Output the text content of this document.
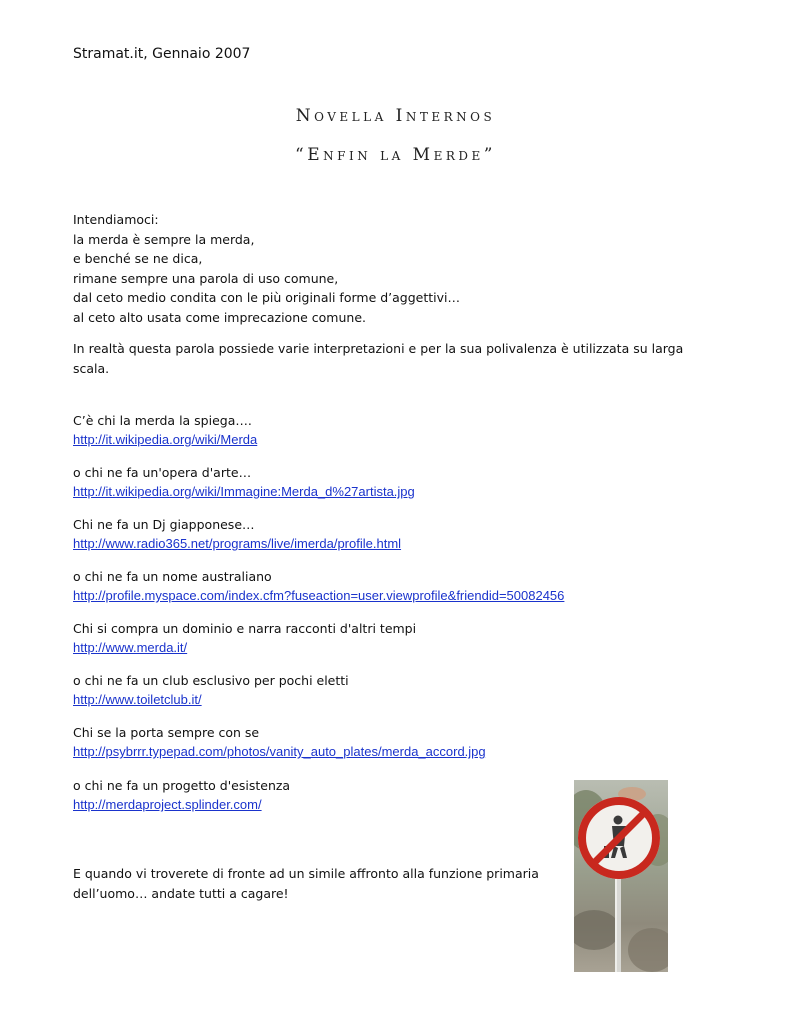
Stramat.it, Gennaio 2007
Novella Internos
“Enfin la Merde”
Intendiamoci:
la merda è sempre la merda,
e benché se ne dica,
rimane sempre una parola di uso comune,
dal ceto medio condita con le più originali forme d’aggettivi…
al ceto alto usata come imprecazione comune.
In realtà questa parola possiede varie interpretazioni e per la sua polivalenza è utilizzata su larga scala.
C’è chi la merda la spiega….
http://it.wikipedia.org/wiki/Merda
o chi ne fa un'opera d'arte…
http://it.wikipedia.org/wiki/Immagine:Merda_d%27artista.jpg
Chi ne fa un Dj giapponese…
http://www.radio365.net/programs/live/imerda/profile.html
o chi ne fa un nome australiano
http://profile.myspace.com/index.cfm?fuseaction=user.viewprofile&friendid=50082456
Chi si compra un dominio e narra racconti d'altri tempi
http://www.merda.it/
o chi ne fa un club esclusivo per pochi eletti
http://www.toiletclub.it/
Chi se la porta sempre con se
http://psybrrr.typepad.com/photos/vanity_auto_plates/merda_accord.jpg
o chi ne fa un progetto d'esistenza
http://merdaproject.splinder.com/
E quando vi troverete di fronte ad un simile affronto alla funzione primaria dell’uomo… andate tutti a cagare!
